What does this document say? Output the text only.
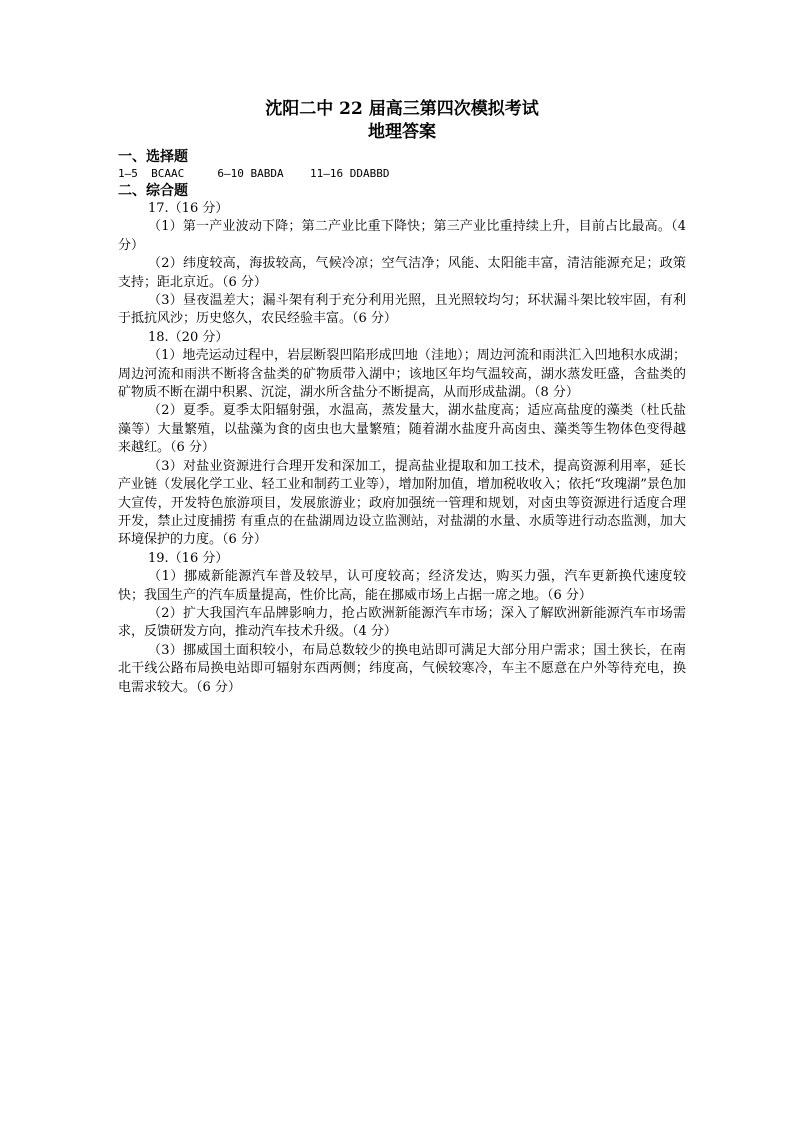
沈阳二中 22 届高三第四次模拟考试

地理答案

一、选择题

1—5  BCAAC     6—10 BABDA    11—16 DDABBD

二、综合题

17.（16 分）

（1）第一产业波动下降；第二产业比重下降快；第三产业比重持续上升，目前占比最高。（4 分）

（2）纬度较高，海拔较高，气候冷凉；空气洁净；风能、太阳能丰富，清洁能源充足；政策支持；距北京近。（6 分）

（3）昼夜温差大；漏斗架有利于充分利用光照，且光照较均匀；环状漏斗架比较牢固，有利于抵抗风沙；历史悠久，农民经验丰富。（6 分）

18.（20 分）

（1）地壳运动过程中，岩层断裂凹陷形成凹地（洼地）；周边河流和雨洪汇入凹地积水成湖；周边河流和雨洪不断将含盐类的矿物质带入湖中；该地区年均气温较高，湖水蒸发旺盛，含盐类的矿物质不断在湖中积累、沉淀，湖水所含盐分不断提高，从而形成盐湖。（8 分）

（2）夏季。夏季太阳辐射强，水温高，蒸发量大，湖水盐度高；适应高盐度的藻类（杜氏盐藻等）大量繁殖，以盐藻为食的卤虫也大量繁殖；随着湖水盐度升高卤虫、藻类等生物体色变得越来越红。（6 分）

（3）对盐业资源进行合理开发和深加工，提高盐业提取和加工技术，提高资源利用率，延长产业链（发展化学工业、轻工业和制药工业等），增加附加值，增加税收收入；依托“玫瑰湖”景色加大宣传，开发特色旅游项目，发展旅游业；政府加强统一管理和规划，对卤虫等资源进行适度合理开发，禁止过度捕捞 有重点的在盐湖周边设立监测站，对盐湖的水量、水质等进行动态监测，加大环境保护的力度。（6 分）

19.（16 分）

（1）挪威新能源汽车普及较早，认可度较高；经济发达，购买力强，汽车更新换代速度较快；我国生产的汽车质量提高，性价比高，能在挪威市场上占据一席之地。（6 分）

（2）扩大我国汽车品牌影响力，抢占欧洲新能源汽车市场；深入了解欧洲新能源汽车市场需求，反馈研发方向，推动汽车技术升级。（4 分）

（3）挪威国土面积较小，布局总数较少的换电站即可满足大部分用户需求；国土狭长，在南北干线公路布局换电站即可辐射东西两侧；纬度高，气候较寒冷，车主不愿意在户外等待充电，换电需求较大。（6 分）
